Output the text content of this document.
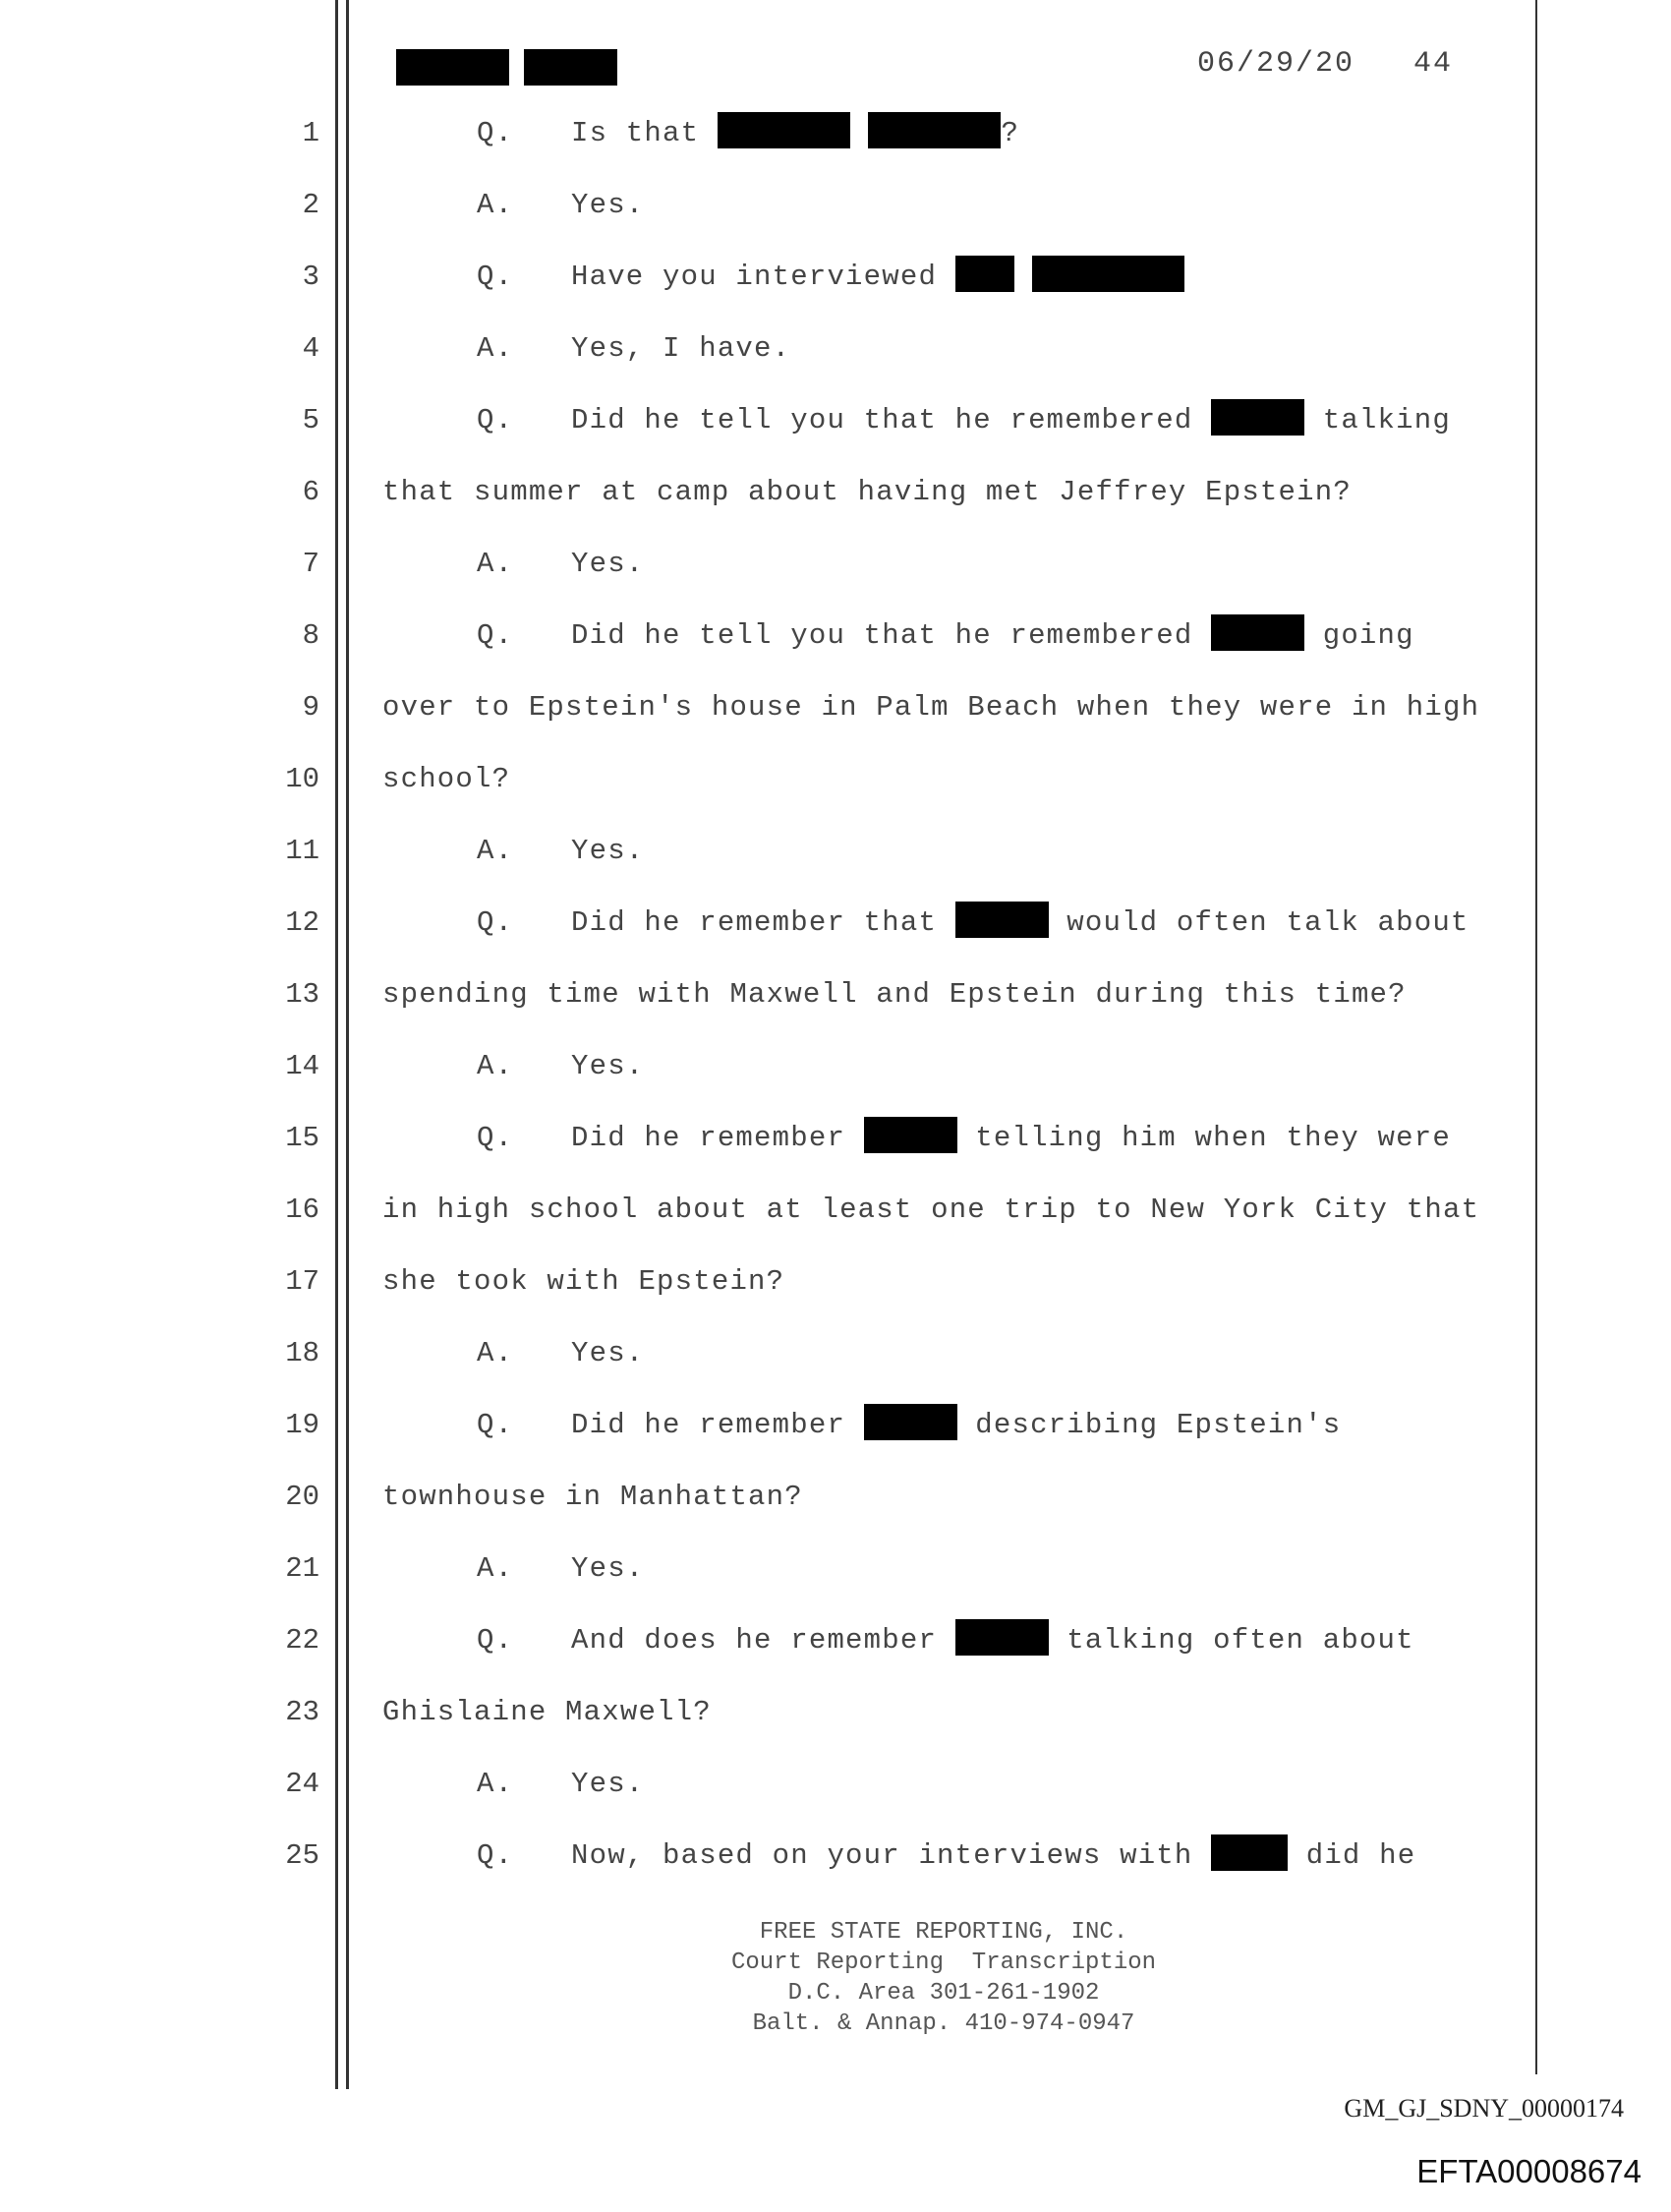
06/29/20 44
1	Q. Is that	?
2	A. Yes.
3	Q. Have you interviewed
4	A. Yes, I have.
5	Q. Did he tell you that he remembered	talking
6 that summer at camp about having met Jeffrey Epstein?
7	A. Yes.
8	Q. Did he tell you that he remembered	going
9 over to Epstein's house in Palm Beach when they were in high
10 school?
11	A. Yes.
12	Q. Did he remember that	would often talk about
13 spending time with Maxwell and Epstein during this time?
14	A. Yes.
15	Q. Did he remember	telling him when they were
16 in high school about at least one trip to New York City that
17 she took with Epstein?
18	A. Yes.
19	Q. Did he remember	describing Epstein's
20 townhouse in Manhattan?
21	A. Yes.
22	Q. And does he remember	talking often about
23 Ghislaine Maxwell?
24	A. Yes.
25	Q. Now, based on your interviews with	did he
FREE STATE REPORTING, INC.
Court Reporting  Transcription
D.C. Area 301-261-1902
Balt. & Annap. 410-974-0947
GM_GJ_SDNY_00000174
EFTA00008674
